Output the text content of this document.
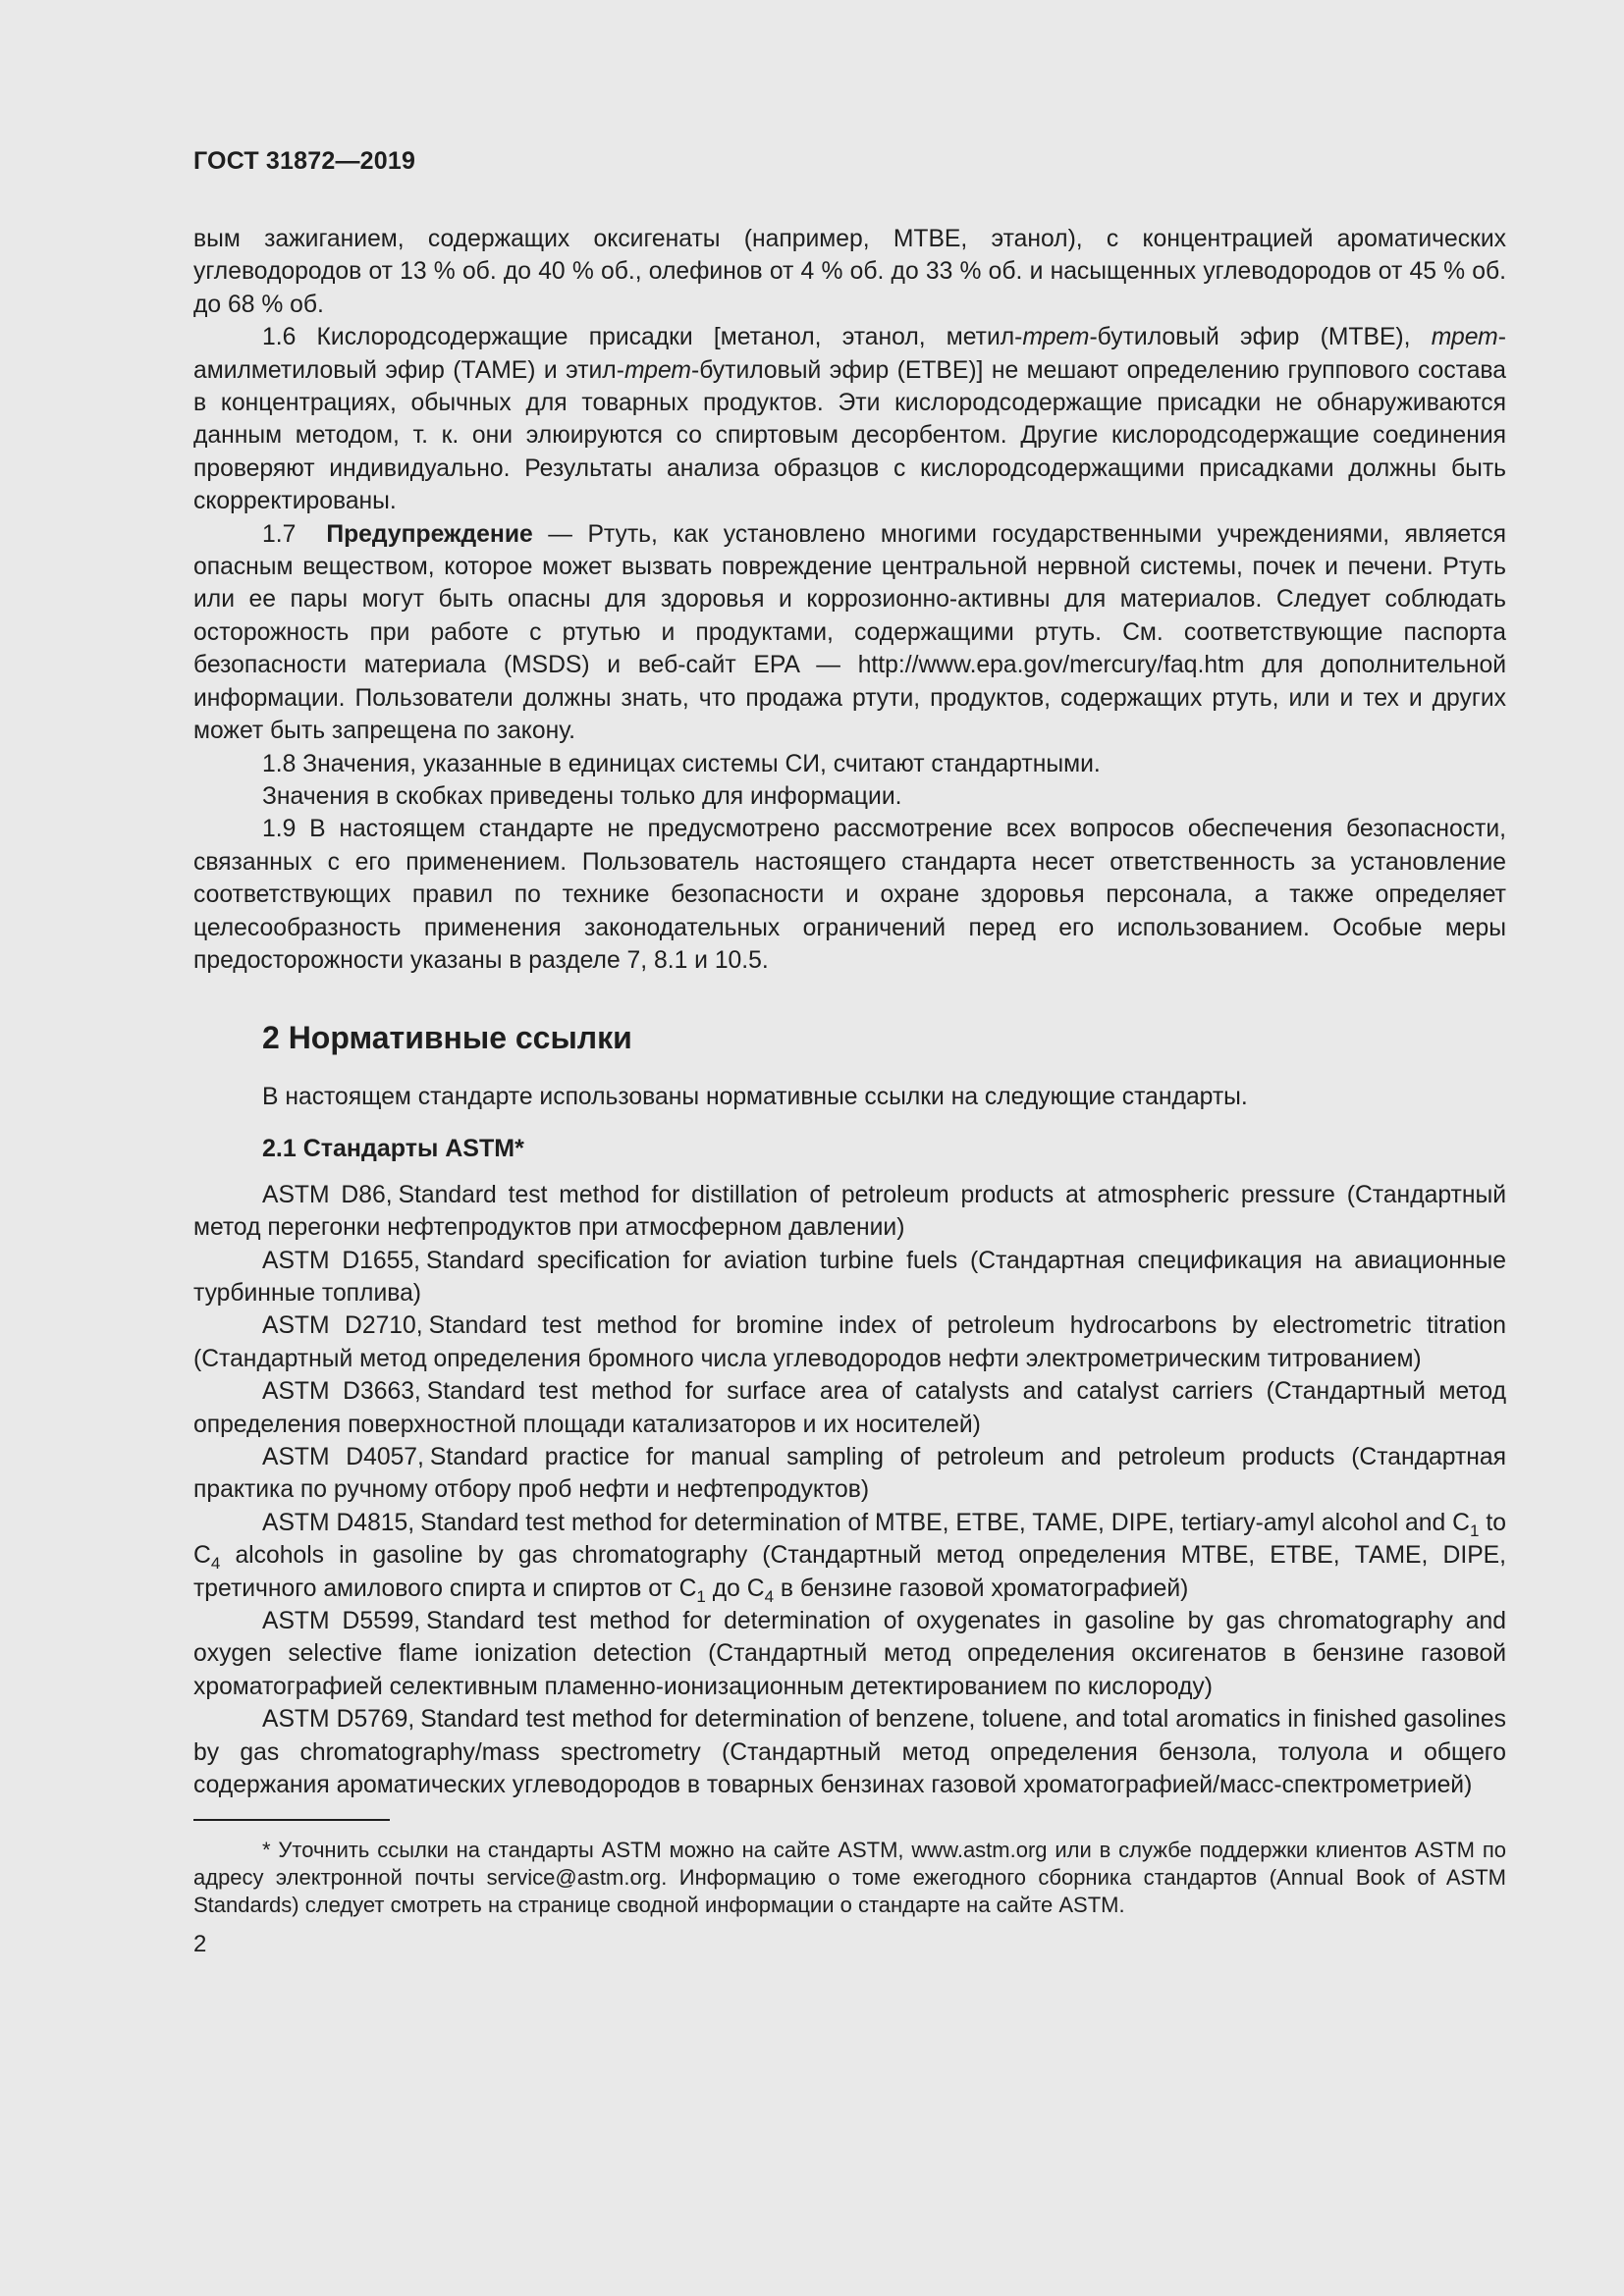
ГОСТ 31872—2019

вым зажиганием, содержащих оксигенаты (например, МТВЕ, этанол), с концентрацией ароматических углеводородов от 13 % об. до 40 % об., олефинов от 4 % об. до 33 % об. и насыщенных углеводородов от 45 % об. до 68 % об.

1.6 Кислородсодержащие присадки [метанол, этанол, метил-трет-бутиловый эфир (МТВЕ), трет-амилметиловый эфир (ТАМЕ) и этил-трет-бутиловый эфир (ЕТВЕ)] не мешают определению группового состава в концентрациях, обычных для товарных продуктов. Эти кислородсодержащие присадки не обнаруживаются данным методом, т. к. они элюируются со спиртовым десорбентом. Другие кислородсодержащие соединения проверяют индивидуально. Результаты анализа образцов с кислородсодержащими присадками должны быть скорректированы.

1.7 Предупреждение — Ртуть, как установлено многими государственными учреждениями, является опасным веществом, которое может вызвать повреждение центральной нервной системы, почек и печени. Ртуть или ее пары могут быть опасны для здоровья и коррозионно-активны для материалов. Следует соблюдать осторожность при работе с ртутью и продуктами, содержащими ртуть. См. соответствующие паспорта безопасности материала (MSDS) и веб-сайт EPA — http://www.epa.gov/mercury/faq.htm для дополнительной информации. Пользователи должны знать, что продажа ртути, продуктов, содержащих ртуть, или и тех и других может быть запрещена по закону.

1.8 Значения, указанные в единицах системы СИ, считают стандартными.

Значения в скобках приведены только для информации.

1.9 В настоящем стандарте не предусмотрено рассмотрение всех вопросов обеспечения безопасности, связанных с его применением. Пользователь настоящего стандарта несет ответственность за установление соответствующих правил по технике безопасности и охране здоровья персонала, а также определяет целесообразность применения законодательных ограничений перед его использованием. Особые меры предосторожности указаны в разделе 7, 8.1 и 10.5.

2 Нормативные ссылки

В настоящем стандарте использованы нормативные ссылки на следующие стандарты.

2.1 Стандарты ASTM*

ASTM D86, Standard test method for distillation of petroleum products at atmospheric pressure (Стандартный метод перегонки нефтепродуктов при атмосферном давлении)

ASTM D1655, Standard specification for aviation turbine fuels (Стандартная спецификация на авиационные турбинные топлива)

ASTM D2710, Standard test method for bromine index of petroleum hydrocarbons by electrometric titration (Стандартный метод определения бромного числа углеводородов нефти электрометрическим титрованием)

ASTM D3663, Standard test method for surface area of catalysts and catalyst carriers (Стандартный метод определения поверхностной площади катализаторов и их носителей)

ASTM D4057, Standard practice for manual sampling of petroleum and petroleum products (Стандартная практика по ручному отбору проб нефти и нефтепродуктов)

ASTM D4815, Standard test method for determination of MTBE, ETBE, TAME, DIPE, tertiary-amyl alcohol and $C_1$ to $C_4$ alcohols in gasoline by gas chromatography (Стандартный метод определения МТВЕ, ЕТВЕ, ТАМЕ, DIPE, третичного амилового спирта и спиртов от $C_1$ до $C_4$ в бензине газовой хроматографией)

ASTM D5599, Standard test method for determination of oxygenates in gasoline by gas chromatography and oxygen selective flame ionization detection (Стандартный метод определения оксигенатов в бензине газовой хроматографией селективным пламенно-ионизационным детектированием по кислороду)

ASTM D5769, Standard test method for determination of benzene, toluene, and total aromatics in finished gasolines by gas chromatography/mass spectrometry (Стандартный метод определения бензола, толуола и общего содержания ароматических углеводородов в товарных бензинах газовой хроматографией/масс-спектрометрией)

* Уточнить ссылки на стандарты ASTM можно на сайте ASTM, www.astm.org или в службе поддержки клиентов ASTM по адресу электронной почты service@astm.org. Информацию о томе ежегодного сборника стандартов (Annual Book of ASTM Standards) следует смотреть на странице сводной информации о стандарте на сайте ASTM.

2
